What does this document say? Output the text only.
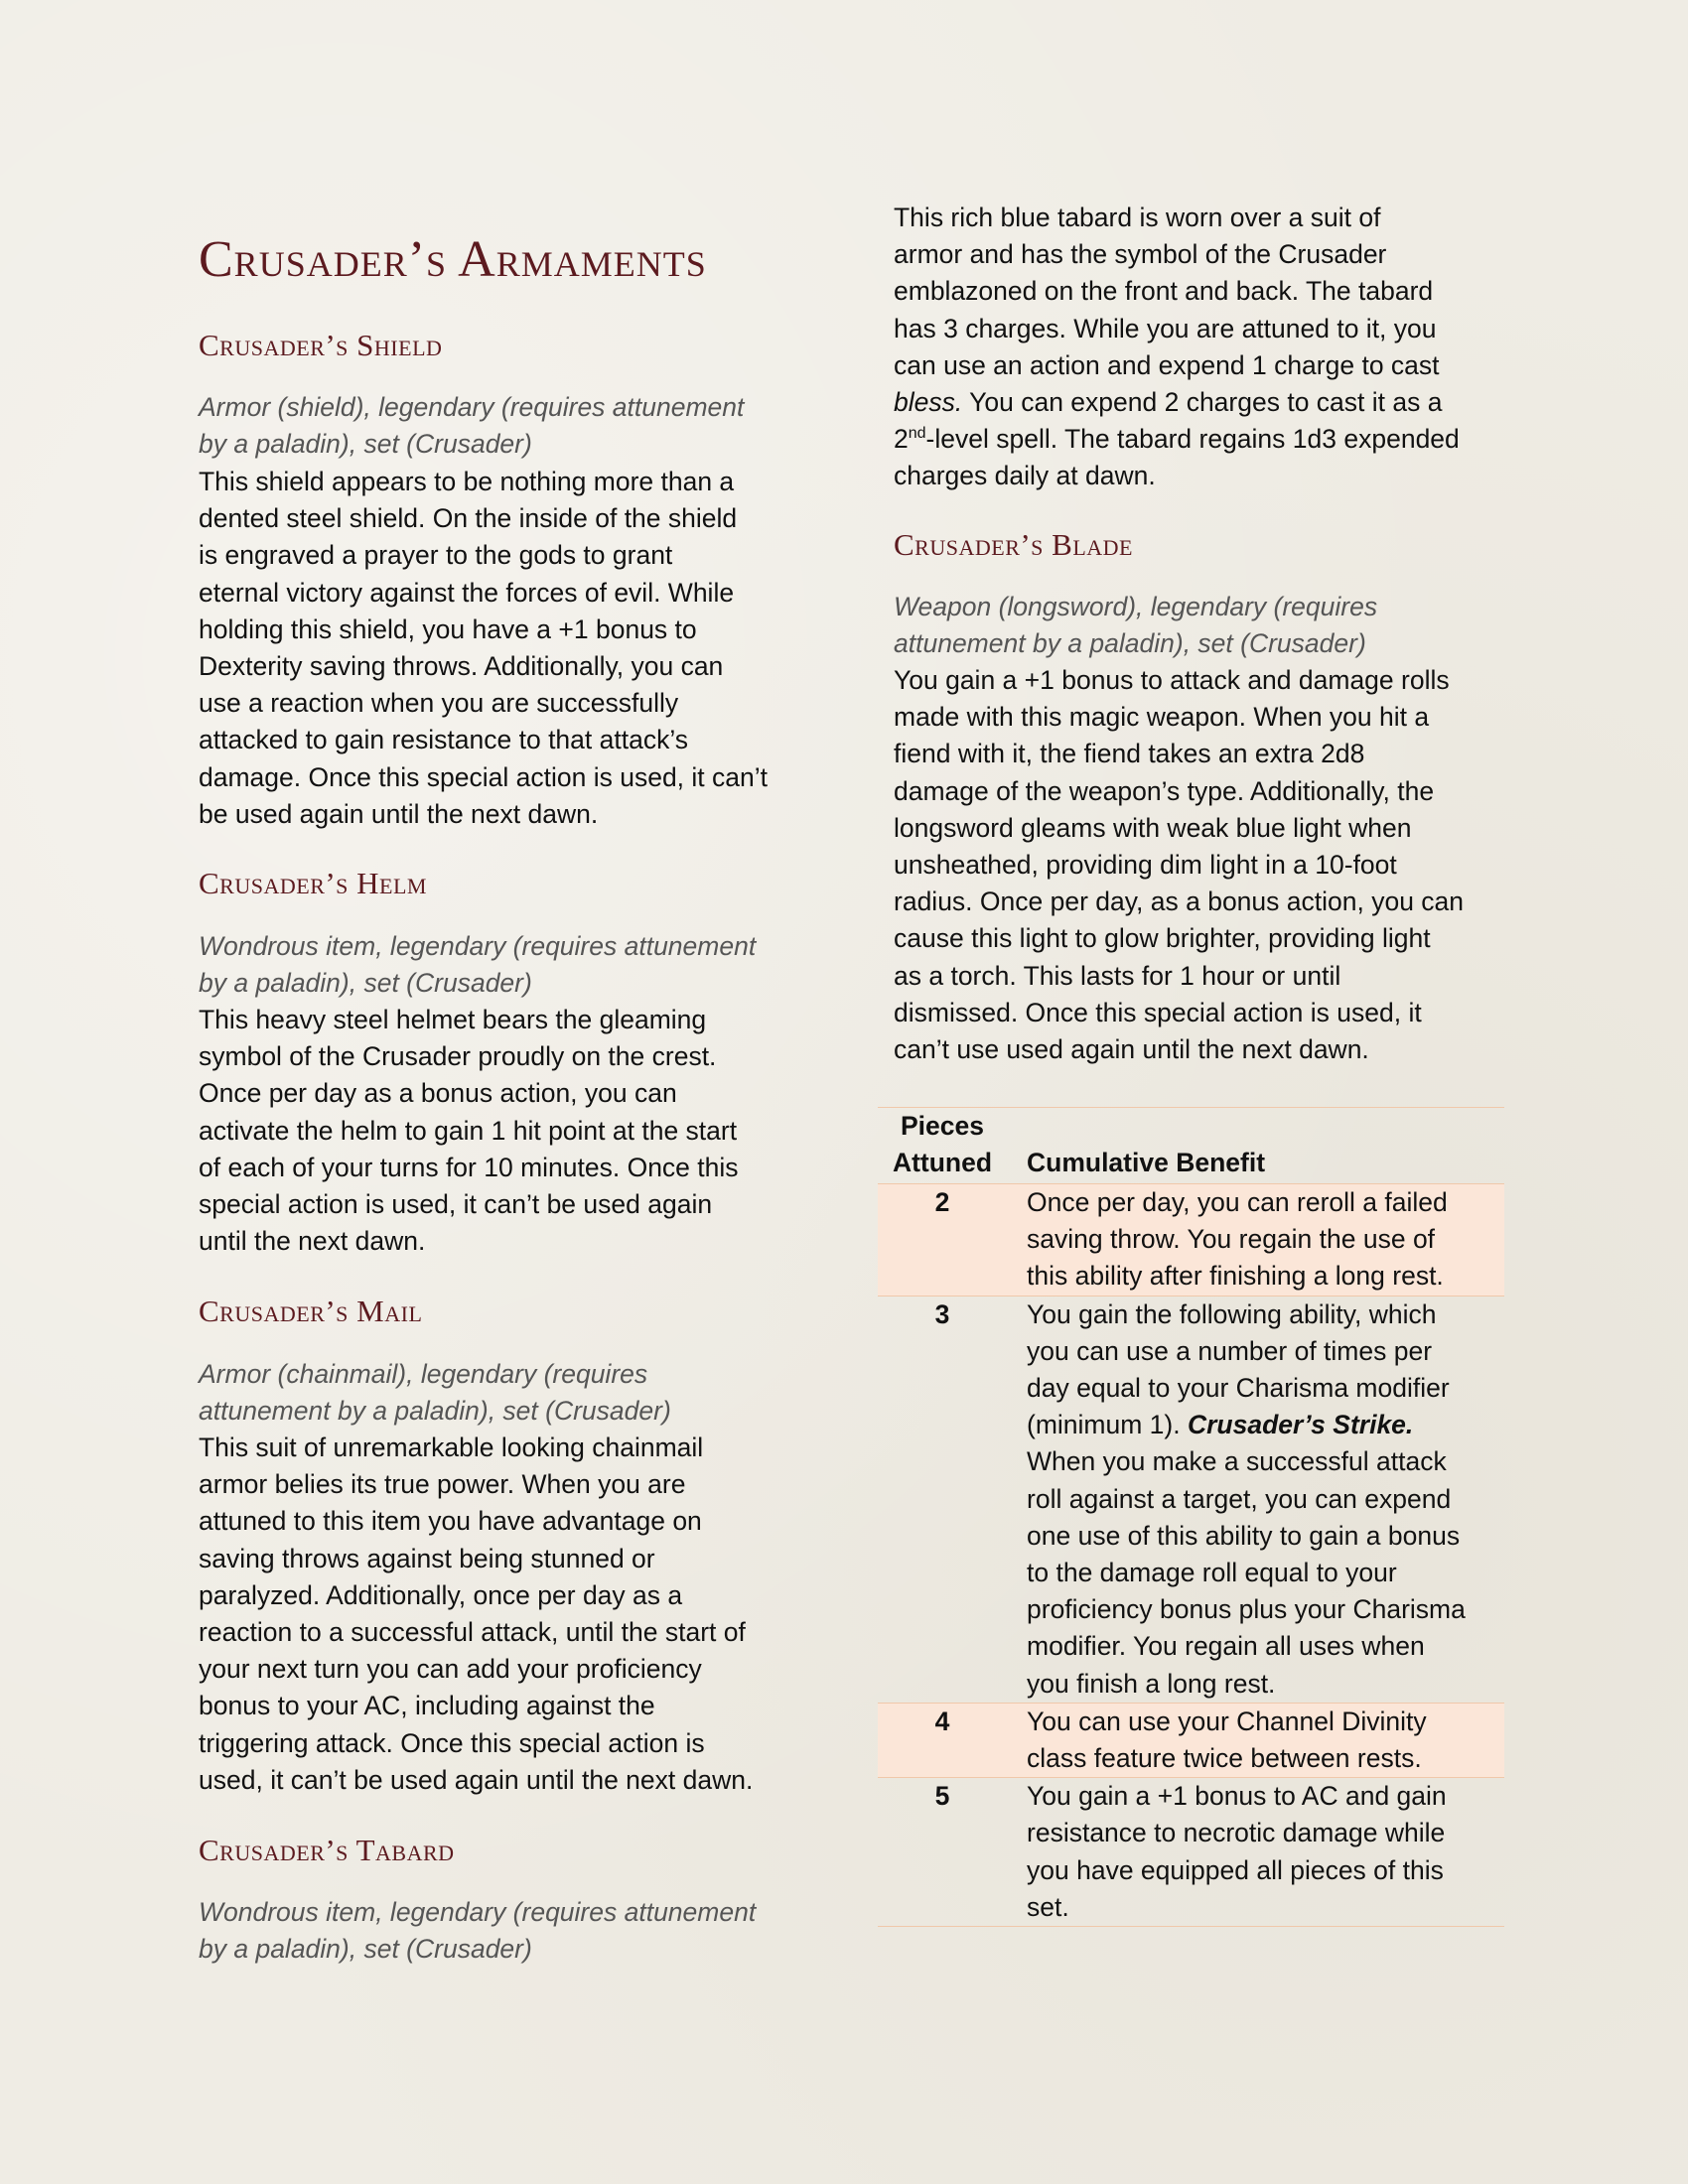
Crusader’s Armaments
Crusader’s Shield
Armor (shield), legendary (requires attunement
by a paladin), set (Crusader)
This shield appears to be nothing more than a
dented steel shield. On the inside of the shield
is engraved a prayer to the gods to grant
eternal victory against the forces of evil. While
holding this shield, you have a +1 bonus to
Dexterity saving throws. Additionally, you can
use a reaction when you are successfully
attacked to gain resistance to that attack’s
damage. Once this special action is used, it can’t
be used again until the next dawn.
Crusader’s Helm
Wondrous item, legendary (requires attunement
by a paladin), set (Crusader)
This heavy steel helmet bears the gleaming
symbol of the Crusader proudly on the crest.
Once per day as a bonus action, you can
activate the helm to gain 1 hit point at the start
of each of your turns for 10 minutes. Once this
special action is used, it can’t be used again
until the next dawn.
Crusader’s Mail
Armor (chainmail), legendary (requires
attunement by a paladin), set (Crusader)
This suit of unremarkable looking chainmail
armor belies its true power. When you are
attuned to this item you have advantage on
saving throws against being stunned or
paralyzed. Additionally, once per day as a
reaction to a successful attack, until the start of
your next turn you can add your proficiency
bonus to your AC, including against the
triggering attack. Once this special action is
used, it can’t be used again until the next dawn.
Crusader’s Tabard
Wondrous item, legendary (requires attunement
by a paladin), set (Crusader)
This rich blue tabard is worn over a suit of
armor and has the symbol of the Crusader
emblazoned on the front and back. The tabard
has 3 charges. While you are attuned to it, you
can use an action and expend 1 charge to cast
bless. You can expend 2 charges to cast it as a
2nd-level spell. The tabard regains 1d3 expended
charges daily at dawn.
Crusader’s Blade
Weapon (longsword), legendary (requires
attunement by a paladin), set (Crusader)
You gain a +1 bonus to attack and damage rolls
made with this magic weapon. When you hit a
fiend with it, the fiend takes an extra 2d8
damage of the weapon’s type. Additionally, the
longsword gleams with weak blue light when
unsheathed, providing dim light in a 10-foot
radius. Once per day, as a bonus action, you can
cause this light to glow brighter, providing light
as a torch. This lasts for 1 hour or until
dismissed. Once this special action is used, it
can’t use used again until the next dawn.
Pieces
Attuned	Cumulative Benefit
2	Once per day, you can reroll a failed
saving throw. You regain the use of
this ability after finishing a long rest.
3	You gain the following ability, which
you can use a number of times per
day equal to your Charisma modifier
(minimum 1). Crusader’s Strike.
When you make a successful attack
roll against a target, you can expend
one use of this ability to gain a bonus
to the damage roll equal to your
proficiency bonus plus your Charisma
modifier. You regain all uses when
you finish a long rest.
4	You can use your Channel Divinity
class feature twice between rests.
5	You gain a +1 bonus to AC and gain
resistance to necrotic damage while
you have equipped all pieces of this
set.
